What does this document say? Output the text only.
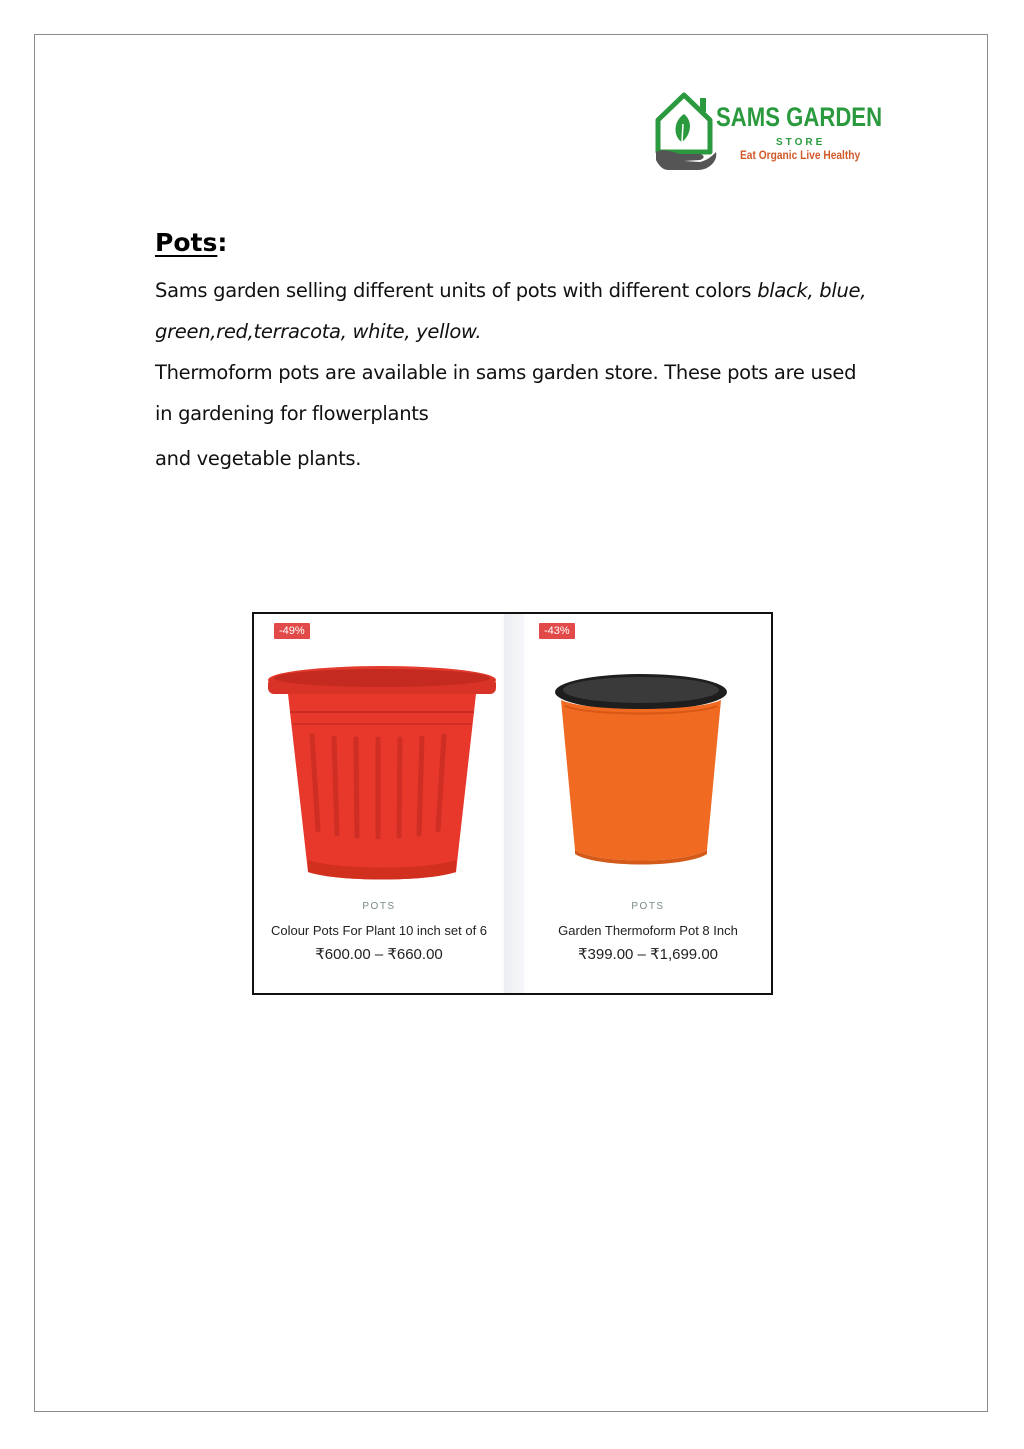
SAMS GARDEN
STORE
Eat Organic Live Healthy
Pots:
Sams garden selling different units of pots with different colors black, blue,
green,red,terracota, white, yellow.
Thermoform pots are available in sams garden store. These pots are used
in gardening for flowerplants
and vegetable plants.
-49%
POTS
Colour Pots For Plant 10 inch set of 6
₹600.00 – ₹660.00
-43%
POTS
Garden Thermoform Pot 8 Inch
₹399.00 – ₹1,699.00
